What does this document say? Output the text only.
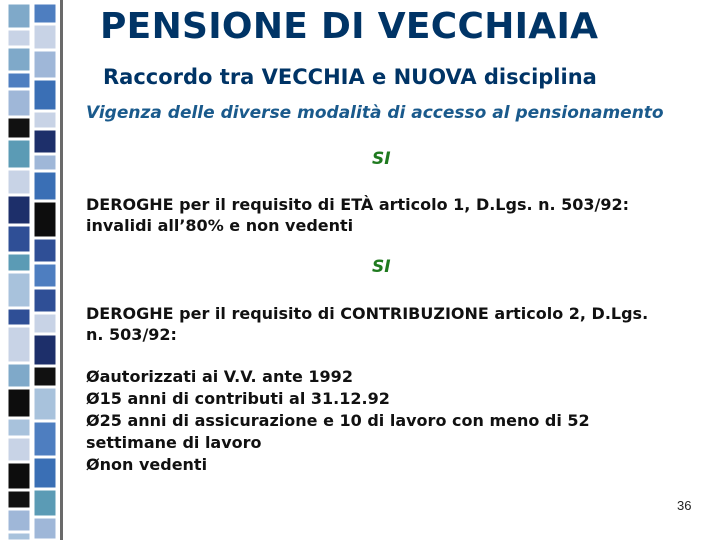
PENSIONE DI VECCHIAIA
Raccordo tra VECCHIA e NUOVA disciplina
Vigenza delle diverse modalità di accesso al pensionamento
SI
DEROGHE per il requisito di ETÀ articolo 1, D.Lgs. n. 503/92:
invalidi all’80% e non vedenti
SI
DEROGHE per il requisito di CONTRIBUZIONE articolo 2, D.Lgs.
n. 503/92:
Øautorizzati ai V.V. ante 1992
Ø15 anni di contributi al 31.12.92
Ø25 anni di assicurazione e 10 di lavoro con meno di 52
settimane di lavoro
Ønon vedenti
36
